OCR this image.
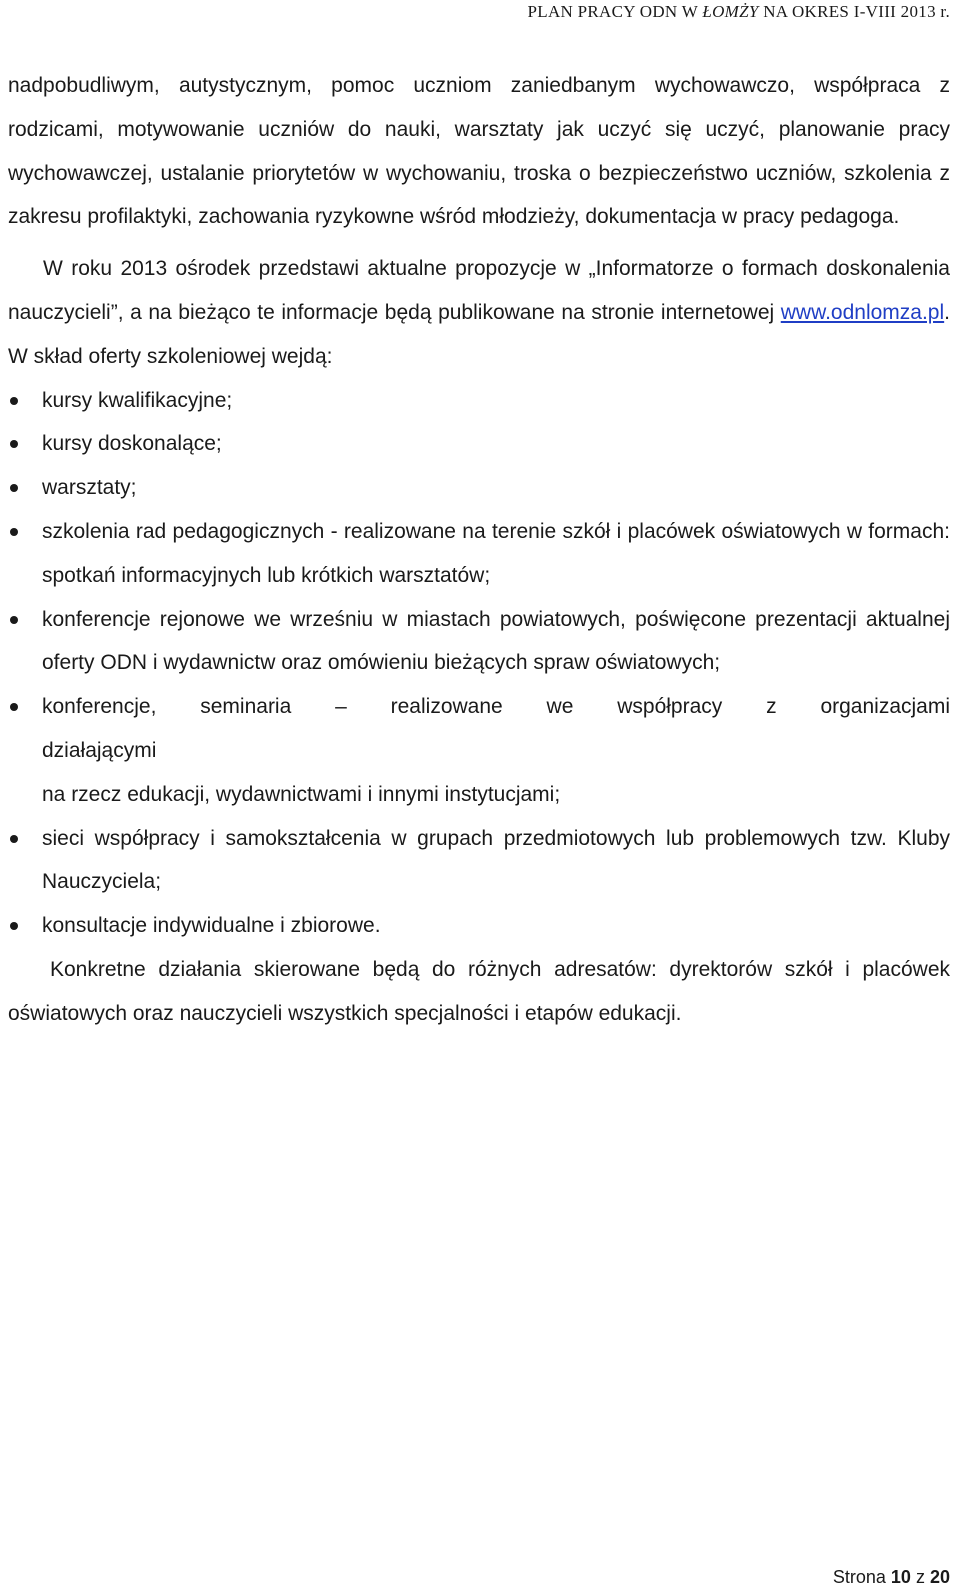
PLAN PRACY ODN W ŁOMŻY NA OKRES I-VIII 2013 r.

nadpobudliwym, autystycznym, pomoc uczniom zaniedbanym wychowawczo, współpraca z rodzicami, motywowanie uczniów do nauki, warsztaty jak uczyć się uczyć, planowanie pracy wychowawczej, ustalanie priorytetów w wychowaniu, troska o bezpieczeństwo uczniów, szkolenia z zakresu profilaktyki, zachowania ryzykowne wśród młodzieży, dokumentacja w pracy pedagoga.

W roku 2013 ośrodek przedstawi aktualne propozycje w „Informatorze o formach doskonalenia nauczycieli”, a na bieżąco te informacje będą publikowane na stronie internetowej www.odnlomza.pl. W skład oferty szkoleniowej wejdą:

kursy kwalifikacyjne;
kursy doskonalące;
warsztaty;
szkolenia rad pedagogicznych - realizowane na terenie szkół i placówek oświatowych w formach: spotkań informacyjnych lub krótkich warsztatów;
konferencje rejonowe we wrześniu w miastach powiatowych, poświęcone prezentacji aktualnej oferty ODN i wydawnictw oraz omówieniu bieżących spraw oświatowych;
konferencje, seminaria – realizowane we współpracy z organizacjami
działającymi

na rzecz edukacji, wydawnictwami i innymi instytucjami;

sieci współpracy i samokształcenia w grupach przedmiotowych lub problemowych tzw. Kluby Nauczyciela;
konsultacje indywidualne i zbiorowe.

Konkretne działania skierowane będą do różnych adresatów: dyrektorów szkół i placówek oświatowych oraz nauczycieli wszystkich specjalności i etapów edukacji.

Strona 10 z 20
